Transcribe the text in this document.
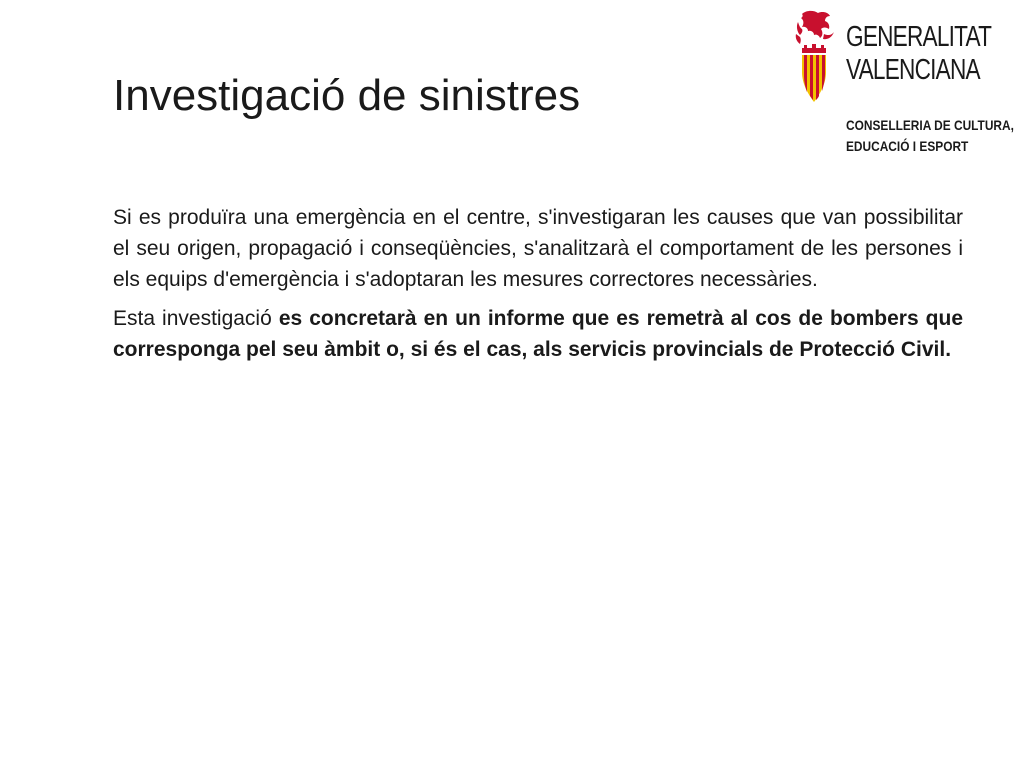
Investigació de sinistres
GENERALITAT
VALENCIANA
CONSELLERIA DE CULTURA,
EDUCACIÓ I ESPORT

Si es produïra una emergència en el centre, s'investigaran les causes que van possibilitar el seu origen, propagació i conseqüències, s'analitzarà el comportament de les persones i els equips d'emergència i s'adoptaran les mesures correctores necessàries.

Esta investigació es concretarà en un informe que es remetrà al cos de bombers que corresponga pel seu àmbit o, si és el cas, als servicis provincials de Protecció Civil.
